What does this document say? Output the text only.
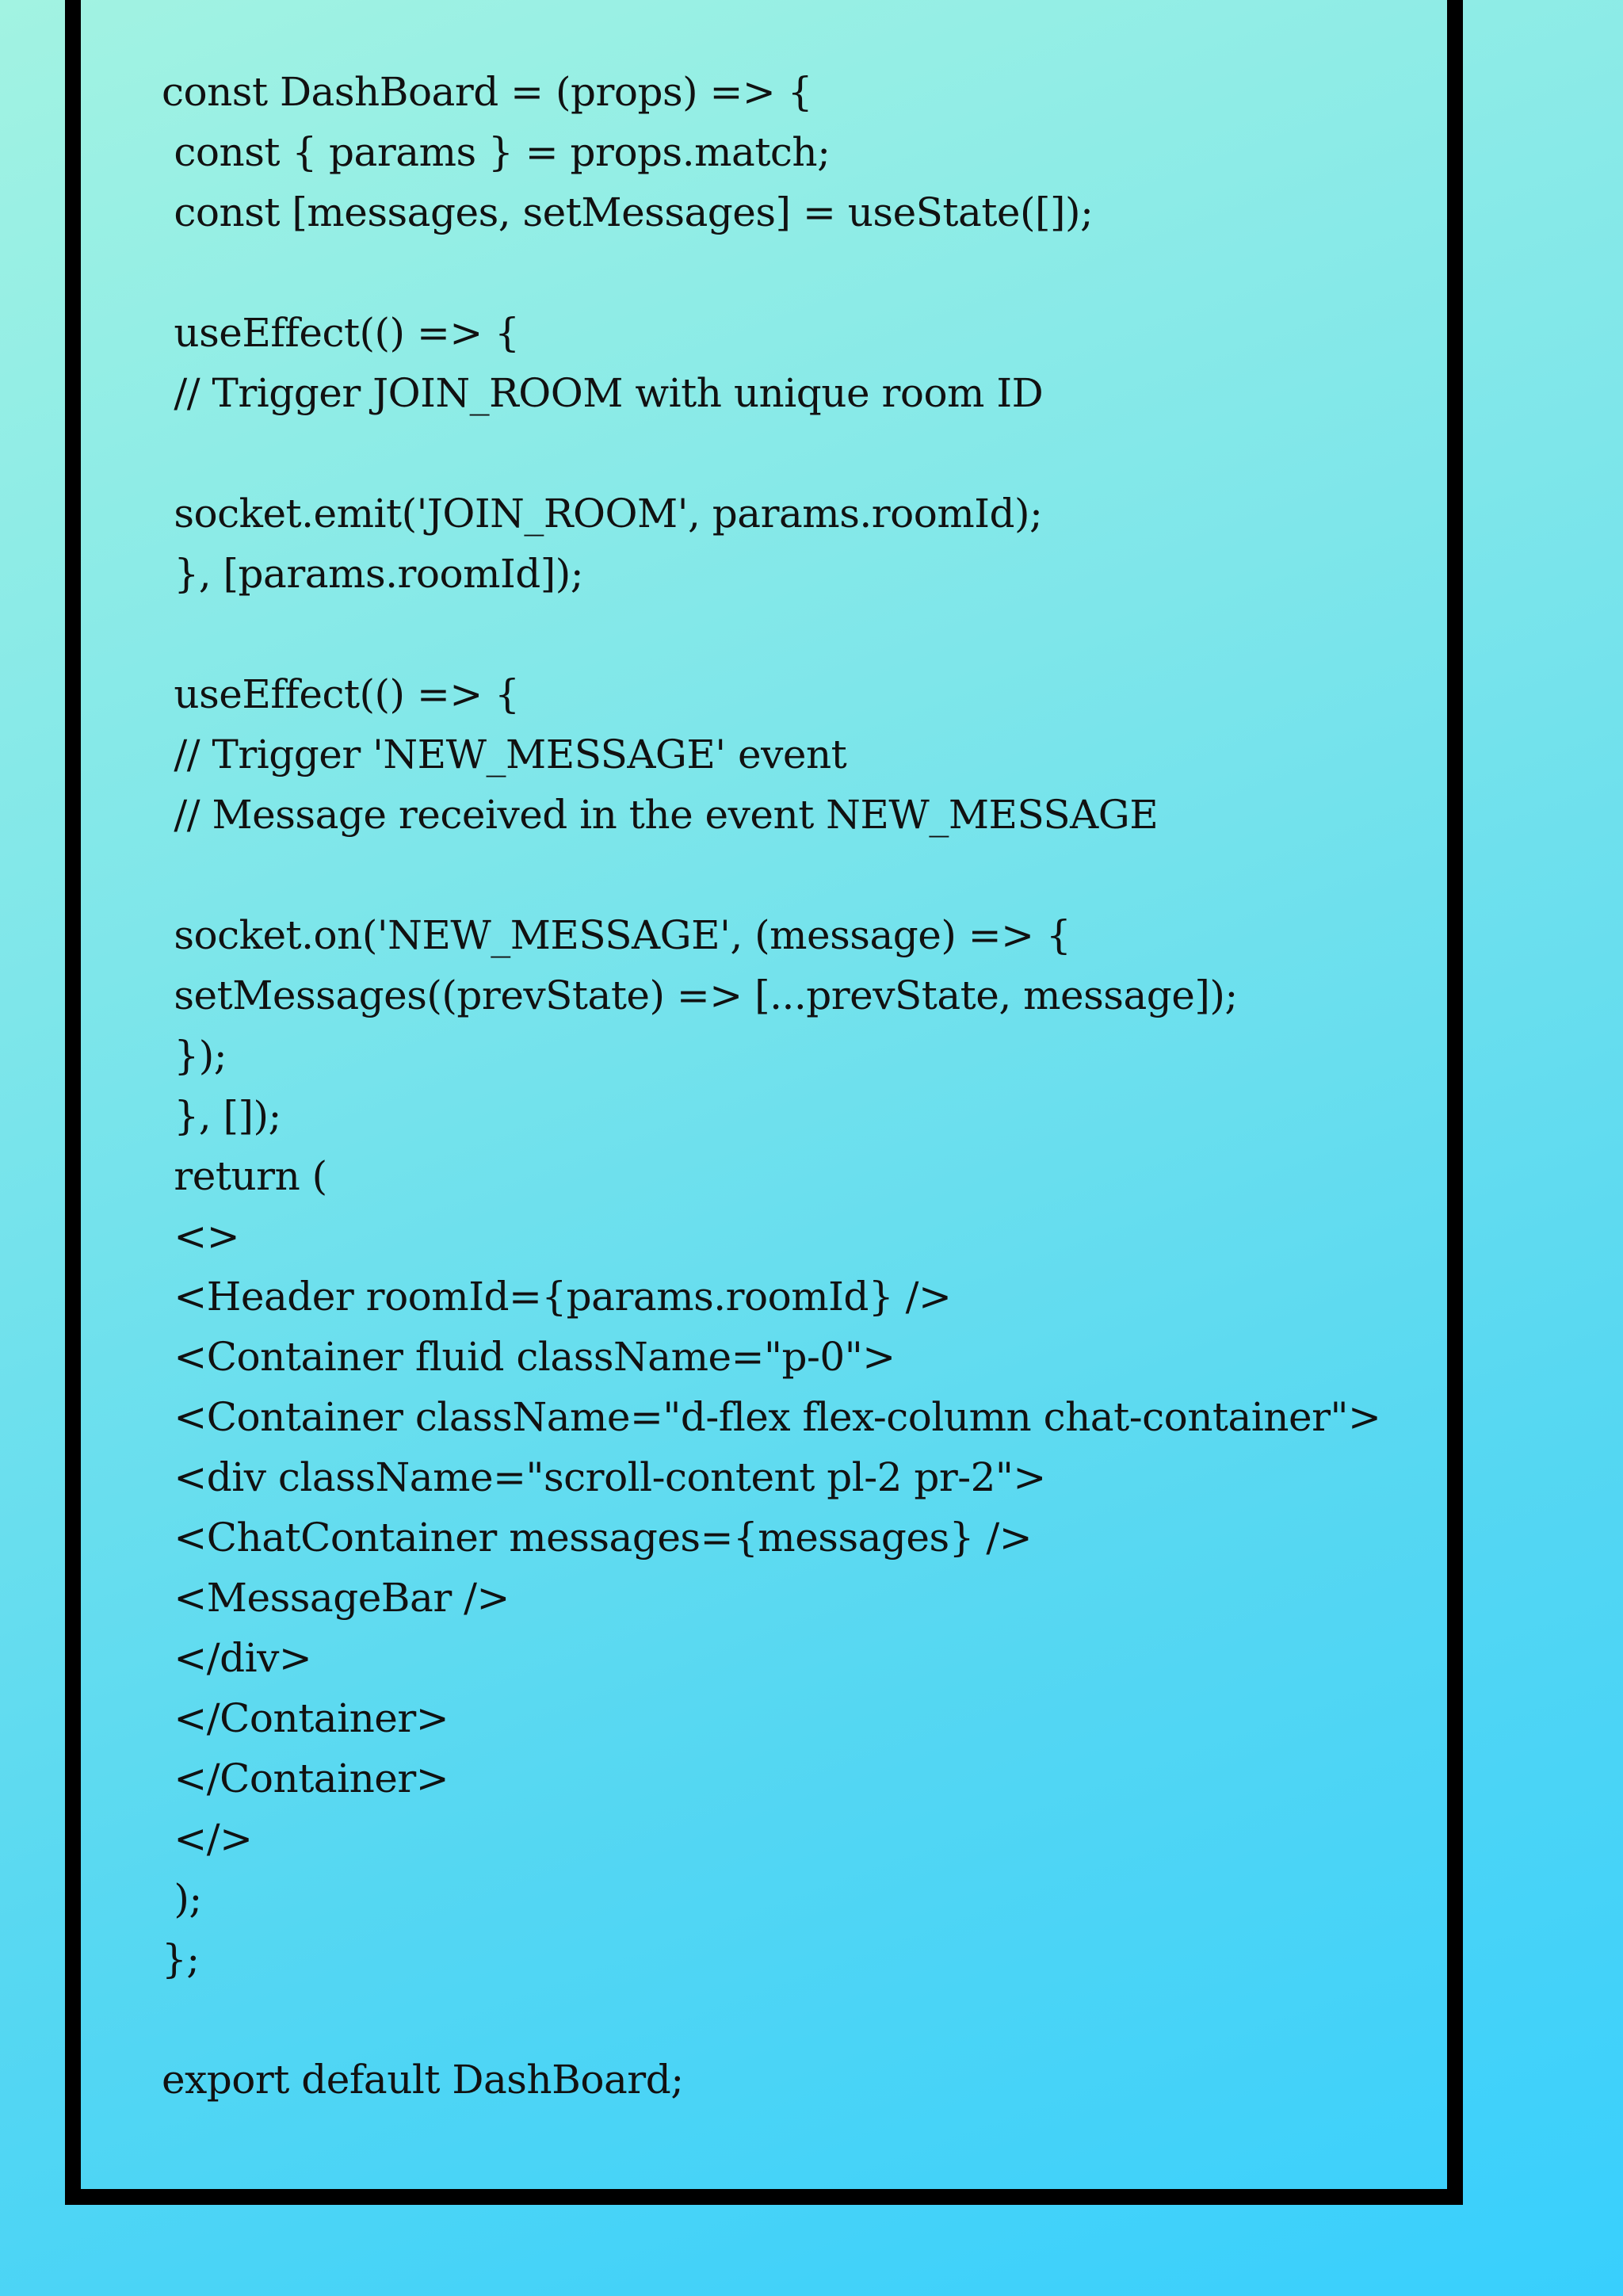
const DashBoard = (props) => {
const { params } = props.match;
const [messages, setMessages] = useState([]);
useEffect(() => {
// Trigger JOIN_ROOM with unique room ID
socket.emit('JOIN_ROOM', params.roomId);
}, [params.roomId]);
useEffect(() => {
// Trigger 'NEW_MESSAGE' event
// Message received in the event NEW_MESSAGE
socket.on('NEW_MESSAGE', (message) => {
setMessages((prevState) => [...prevState, message]);
});
}, []);
return (
<>
<Header roomId={params.roomId} />
<Container fluid className="p-0">
<Container className="d-flex flex-column chat-container">
<div className="scroll-content pl-2 pr-2">
<ChatContainer messages={messages} />
<MessageBar />
</div>
</Container>
</Container>
</>
);
};
export default DashBoard;
